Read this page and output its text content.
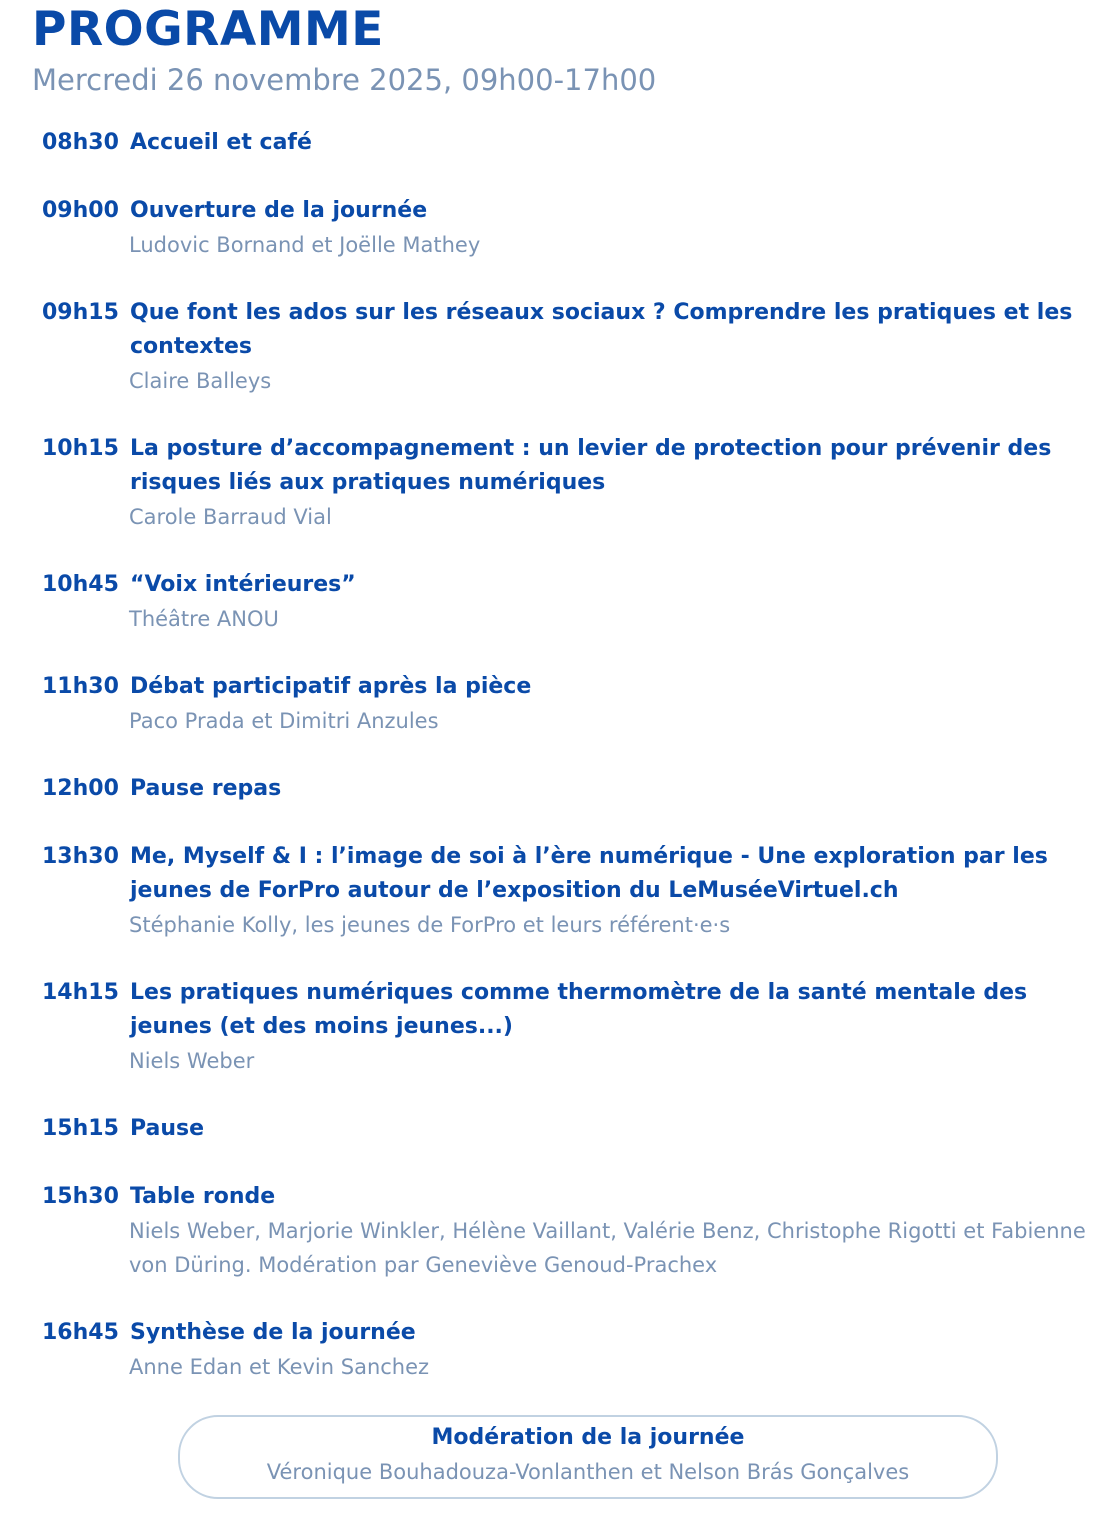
PROGRAMME

Mercredi 26 novembre 2025, 09h00-17h00

08h30 Accueil et café
09h00 Ouverture de la journée
Ludovic Bornand et Joëlle Mathey
09h15 Que font les ados sur les réseaux sociaux ? Comprendre les pratiques et les contextes
Claire Balleys
10h15 La posture d’accompagnement : un levier de protection pour prévenir des risques liés aux pratiques numériques
Carole Barraud Vial
10h45 “Voix intérieures”
Théâtre ANOU
11h30 Débat participatif après la pièce
Paco Prada et Dimitri Anzules
12h00 Pause repas
13h30 Me, Myself & I : l’image de soi à l’ère numérique - Une exploration par les jeunes de ForPro autour de l’exposition du LeMuséeVirtuel.ch
Stéphanie Kolly, les jeunes de ForPro et leurs référent·e·s
14h15 Les pratiques numériques comme thermomètre de la santé mentale des jeunes (et des moins jeunes...)
Niels Weber
15h15 Pause
15h30 Table ronde
Niels Weber, Marjorie Winkler, Hélène Vaillant, Valérie Benz, Christophe Rigotti et Fabienne von Düring. Modération par Geneviève Genoud-Prachex
16h45 Synthèse de la journée
Anne Edan et Kevin Sanchez
Modération de la journée
Véronique Bouhadouza-Vonlanthen et Nelson Brás Gonçalves
